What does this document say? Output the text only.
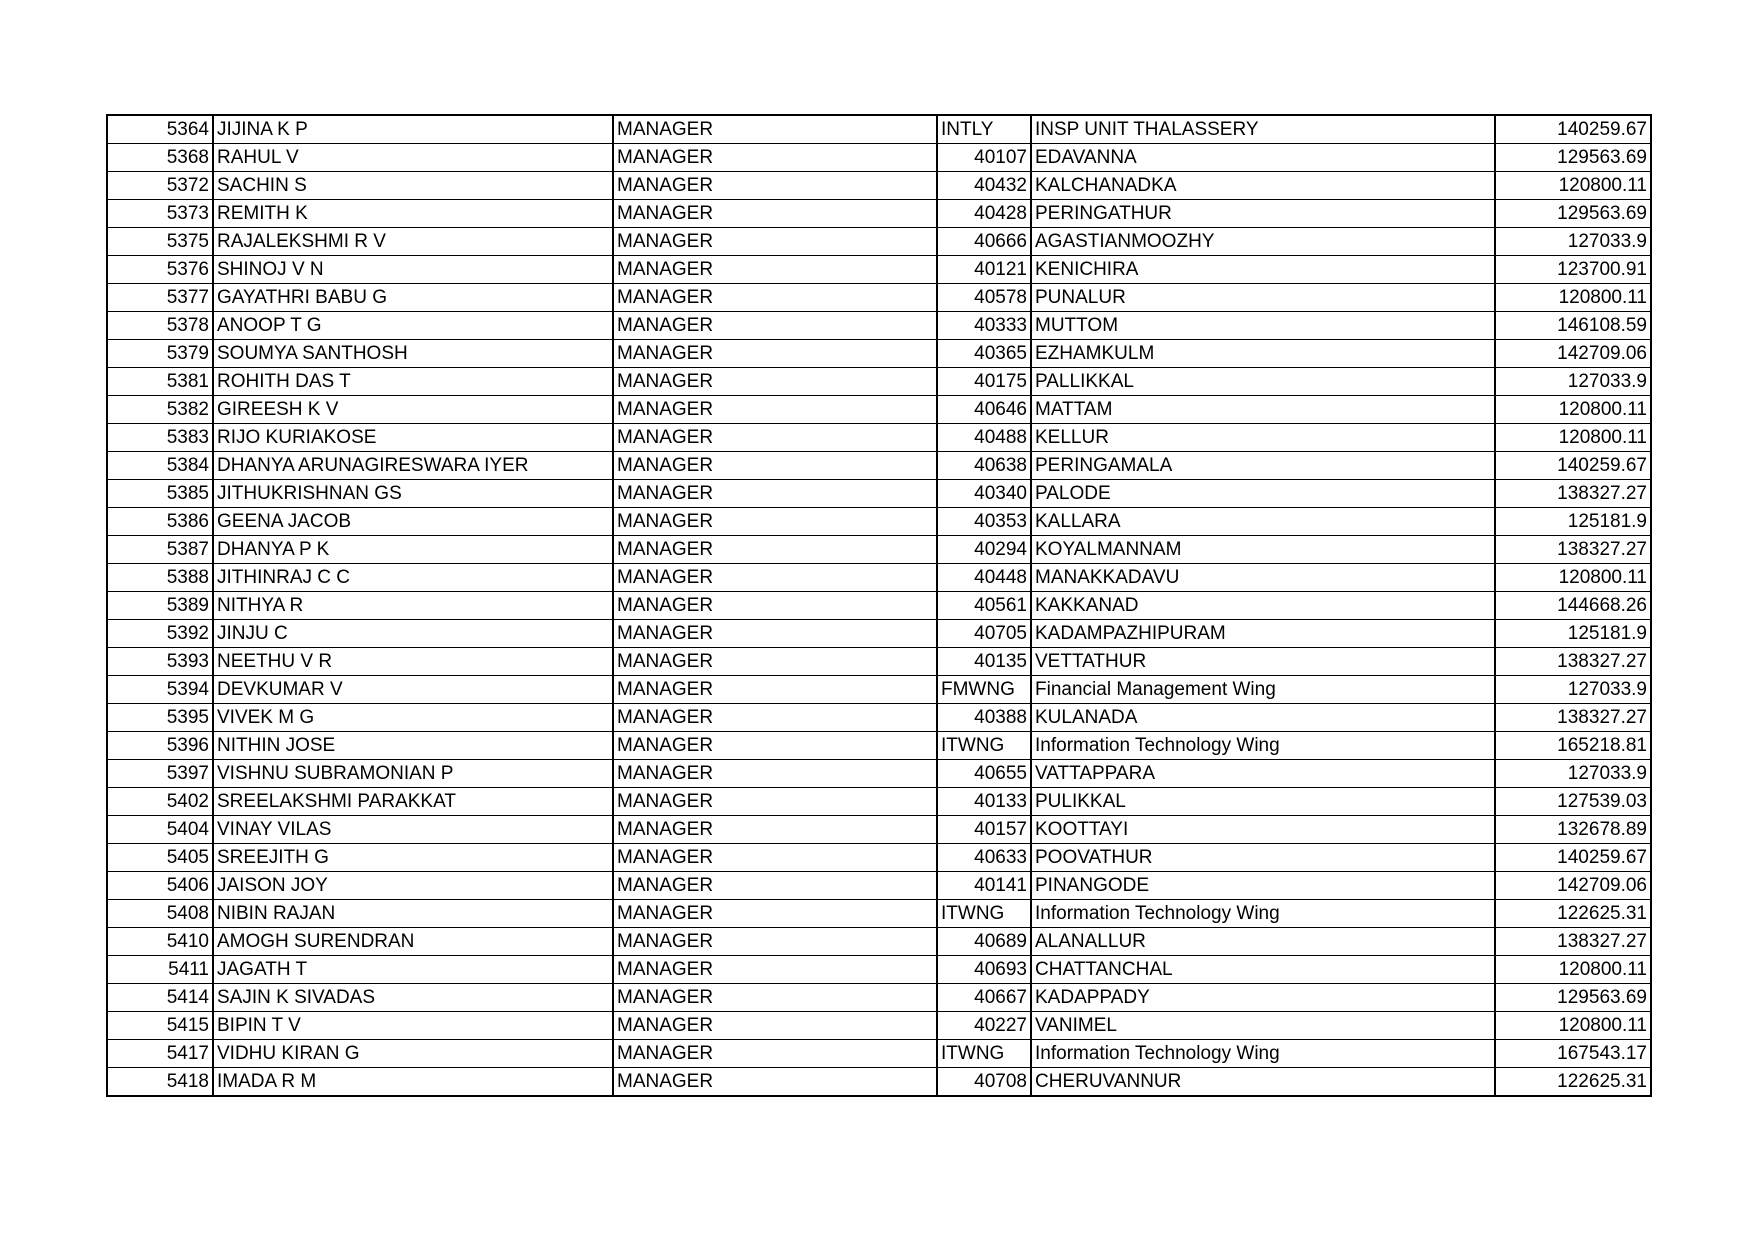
5364	JIJINA K P	MANAGER	INTLY	INSP UNIT THALASSERY	140259.67
5368	RAHUL V	MANAGER	40107	EDAVANNA	129563.69
5372	SACHIN S	MANAGER	40432	KALCHANADKA	120800.11
5373	REMITH K	MANAGER	40428	PERINGATHUR	129563.69
5375	RAJALEKSHMI R V	MANAGER	40666	AGASTIANMOOZHY	127033.9
5376	SHINOJ V N	MANAGER	40121	KENICHIRA	123700.91
5377	GAYATHRI BABU G	MANAGER	40578	PUNALUR	120800.11
5378	ANOOP T G	MANAGER	40333	MUTTOM	146108.59
5379	SOUMYA SANTHOSH	MANAGER	40365	EZHAMKULM	142709.06
5381	ROHITH DAS T	MANAGER	40175	PALLIKKAL	127033.9
5382	GIREESH K V	MANAGER	40646	MATTAM	120800.11
5383	RIJO KURIAKOSE	MANAGER	40488	KELLUR	120800.11
5384	DHANYA ARUNAGIRESWARA IYER	MANAGER	40638	PERINGAMALA	140259.67
5385	JITHUKRISHNAN GS	MANAGER	40340	PALODE	138327.27
5386	GEENA JACOB	MANAGER	40353	KALLARA	125181.9
5387	DHANYA P K	MANAGER	40294	KOYALMANNAM	138327.27
5388	JITHINRAJ C C	MANAGER	40448	MANAKKADAVU	120800.11
5389	NITHYA R	MANAGER	40561	KAKKANAD	144668.26
5392	JINJU C	MANAGER	40705	KADAMPAZHIPURAM	125181.9
5393	NEETHU V R	MANAGER	40135	VETTATHUR	138327.27
5394	DEVKUMAR V	MANAGER	FMWNG	Financial Management Wing	127033.9
5395	VIVEK M G	MANAGER	40388	KULANADA	138327.27
5396	NITHIN JOSE	MANAGER	ITWNG	Information Technology Wing	165218.81
5397	VISHNU SUBRAMONIAN P	MANAGER	40655	VATTAPPARA	127033.9
5402	SREELAKSHMI PARAKKAT	MANAGER	40133	PULIKKAL	127539.03
5404	VINAY VILAS	MANAGER	40157	KOOTTAYI	132678.89
5405	SREEJITH G	MANAGER	40633	POOVATHUR	140259.67
5406	JAISON JOY	MANAGER	40141	PINANGODE	142709.06
5408	NIBIN RAJAN	MANAGER	ITWNG	Information Technology Wing	122625.31
5410	AMOGH SURENDRAN	MANAGER	40689	ALANALLUR	138327.27
5411	JAGATH T	MANAGER	40693	CHATTANCHAL	120800.11
5414	SAJIN K SIVADAS	MANAGER	40667	KADAPPADY	129563.69
5415	BIPIN T V	MANAGER	40227	VANIMEL	120800.11
5417	VIDHU KIRAN G	MANAGER	ITWNG	Information Technology Wing	167543.17
5418	IMADA R M	MANAGER	40708	CHERUVANNUR	122625.31
